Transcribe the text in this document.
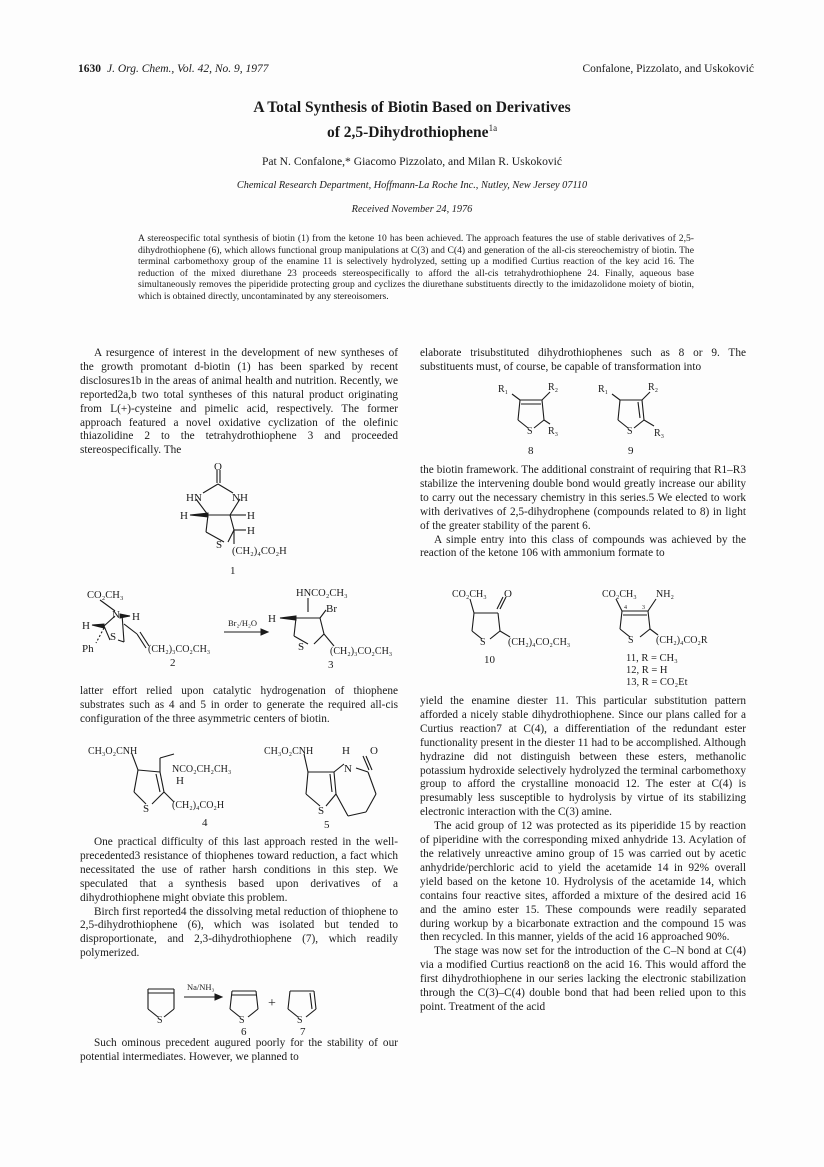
1630 J. Org. Chem., Vol. 42, No. 9, 1977	Confalone, Pizzolato, and Uskoković
A Total Synthesis of Biotin Based on Derivatives
of 2,5-Dihydrothiophene$^{1a}$
Pat N. Confalone,* Giacomo Pizzolato, and Milan R. Uskoković
Chemical Research Department, Hoffmann-La Roche Inc., Nutley, New Jersey 07110
Received November 24, 1976
A stereospecific total synthesis of biotin (1) from the ketone 10 has been achieved. The approach features the use of stable derivatives of 2,5-dihydrothiophene (6), which allows functional group manipulations at C(3) and C(4) and generation of the all-cis stereochemistry of biotin. The terminal carbomethoxy group of the enamine 11 is selectively hydrolyzed, setting up a modified Curtius reaction of the key acid 16. The reduction of the mixed diurethane 23 proceeds stereospecifically to afford the all-cis tetrahydrothiophene 24. Finally, aqueous base simultaneously removes the piperidide protecting group and cyclizes the diurethane substituents directly to the imidazolidone moiety of biotin, which is obtained directly, uncontaminated by any stereoisomers.

A resurgence of interest in the development of new syntheses of the growth promotant d-biotin (1) has been sparked by recent disclosures1b in the areas of animal health and nutrition. Recently, we reported2a,b two total syntheses of this natural product originating from L(+)-cysteine and pimelic acid, respectively. The former approach featured a novel oxidative cyclization of the olefinic thiazolidine 2 to the tetrahydrothiophene 3 and proceeded stereospecifically. The

latter effort relied upon catalytic hydrogenation of thiophene substrates such as 4 and 5 in order to generate the required all-cis configuration of the three asymmetric centers of biotin.

One practical difficulty of this last approach rested in the well-precedented3 resistance of thiophenes toward reduction, a fact which necessitated the use of rather harsh conditions in this step. We speculated that a synthesis based upon derivatives of a dihydrothiophene might obviate this problem.

Birch first reported4 the dissolving metal reduction of thiophene to 2,5-dihydrothiophene (6), which was isolated but tended to disproportionate, and 2,3-dihydrothiophene (7), which readily polymerized.

Such ominous precedent augured poorly for the stability of our potential intermediates. However, we planned to

elaborate trisubstituted dihydrothiophenes such as 8 or 9. The substituents must, of course, be capable of transformation into

the biotin framework. The additional constraint of requiring that R1–R3 stabilize the intervening double bond would greatly increase our ability to carry out the necessary chemistry in this series.5 We elected to work with derivatives of 2,5-dihydrophene (compounds related to 8) in light of the greater stability of the parent 6.

A simple entry into this class of compounds was achieved by the reaction of the ketone 106 with ammonium formate to

yield the enamine diester 11. This particular substitution pattern afforded a nicely stable dihydrothiophene. Since our plans called for a Curtius reaction7 at C(4), a differentiation of the redundant ester functionality present in the diester 11 had to be accomplished. Although hydrazine did not distinguish between these esters, methanolic potassium hydroxide selectively hydrolyzed the terminal carbomethoxy group to afford the crystalline monoacid 12. The ester at C(4) is presumably less susceptible to hydrolysis by virtue of its stabilizing electronic interaction with the C(3) amine.

The acid group of 12 was protected as its piperidide 15 by reaction of piperidine with the corresponding mixed anhydride 13. Acylation of the relatively unreactive amino group of 15 was carried out by acetic anhydride/perchloric acid to yield the acetamide 14 in 92% overall yield based on the ketone 10. Hydrolysis of the acetamide 14, which contains four reactive sites, afforded a mixture of the desired acid 16 and the amino ester 15. These compounds were readily separated during workup by a bicarbonate extraction and the compound 15 was then recycled. In this manner, yields of the acid 16 approached 90%.

The stage was now set for the introduction of the C–N bond at C(4) via a modified Curtius reaction8 on the acid 16. This would afford the first dihydrothiophene in our series lacking the electronic stabilization through the C(3)–C(4) double bond that had been relied upon to this point. Treatment of the acid

O
HN	NH
H	H
H
S
(CH₂)₄CO₂H
1
CO₂CH₃
N H
H
S
Ph	(CH₂)₃CO₂CH₃
2
Br₂/H₂O
HNCO₂CH₃
Br
H
S	(CH₂)₃CO₂CH₃
3
CH₃O₂CNH
NCO₂CH₂CH₃
H
S (CH₂)₄CO₂H
4
CH₃O₂CNH	H O
N
S
5
S
Na/NH₃
S
+
S
6	7
R₁	R₂
R₃
S
8
R₁	R₂
R₃
S
9
CO₂CH₃ O
S (CH₂)₄CO₂CH₃
10
CO₂CH₃ NH₂
4	3
S (CH₂)₄CO₂R
11, R = CH₃
12, R = H
13, R = CO₂Et
